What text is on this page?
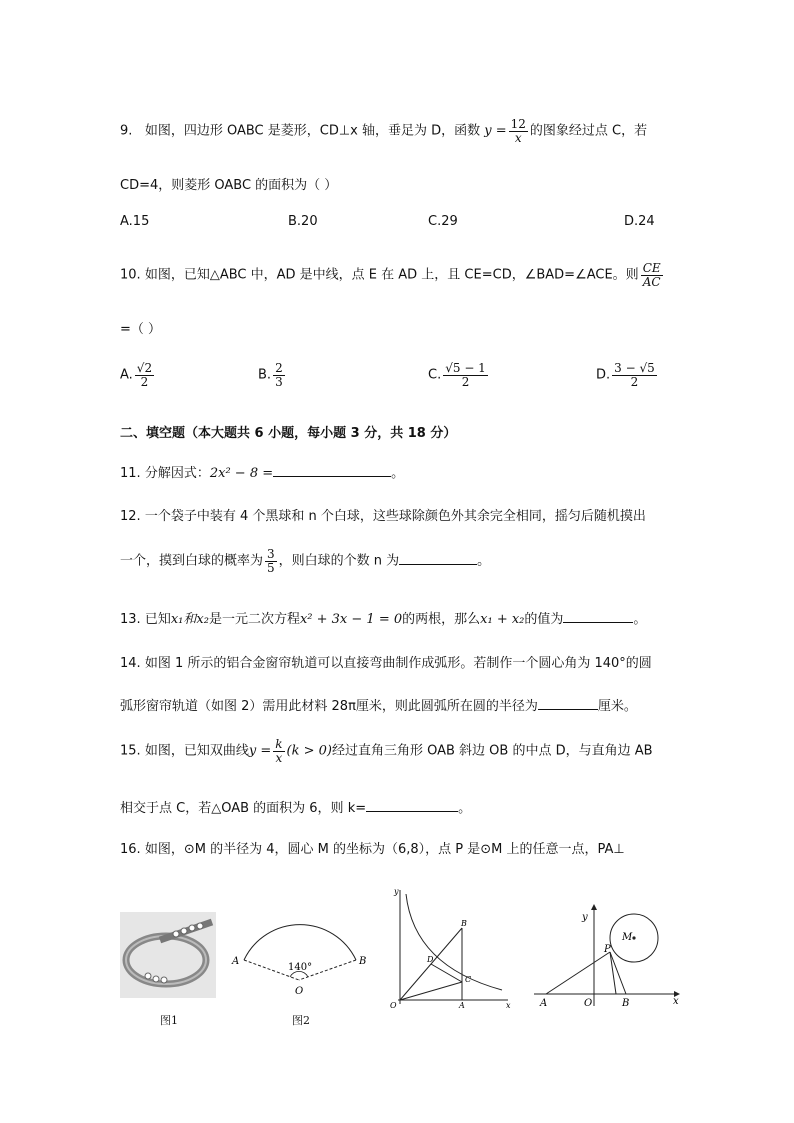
9. 如图，四边形 OABC 是菱形，CD⊥x 轴，垂足为 D，函数 $y = \frac{12}{x}$ 的图象经过点 C，若
CD=4，则菱形 OABC 的面积为（ ）
A.15	B.20	C.29	D.24
10. 如图，已知△ABC 中，AD 是中线，点 E 在 AD 上，且 CE=CD，∠BAD=∠ACE。则 $\frac{CE}{AC}$
=（ ）
A. $\frac{√2}{2}$	B. $\frac{2}{3}$	C. $\frac{√5 - 1}{2}$	D. $\frac{3 - √5}{2}$
二、填空题（本大题共 6 小题，每小题 3 分，共 18 分）
11. 分解因式：2x² − 8 =	。
12. 一个袋子中装有 4 个黑球和 n 个白球，这些球除颜色外其余完全相同，摇匀后随机摸出
一个，摸到白球的概率为 $\frac{3}{5}$ ，则白球的个数 n 为	。
13. 已知x₁和x₂是一元二次方程x² + 3x − 1 = 0的两根，那么x₁ + x₂的值为	。
14. 如图 1 所示的铝合金窗帘轨道可以直接弯曲制作成弧形。若制作一个圆心角为 140°的圆
弧形窗帘轨道（如图 2）需用此材料 28π厘米，则此圆弧所在圆的半径为	厘米。
15. 如图，已知双曲线$y = \frac{k}{x} (k > 0)$经过直角三角形 OAB 斜边 OB 的中点 D，与直角边 AB
相交于点 C，若△OAB 的面积为 6，则 k=	。
16. 如图，⊙M 的半径为 4，圆心 M 的坐标为（6,8），点 P 是⊙M 上的任意一点，PA⊥
图1
140°
A	B
O
图2
y
x
O	A
B
C
D
y
x
O
A	B
P
M
